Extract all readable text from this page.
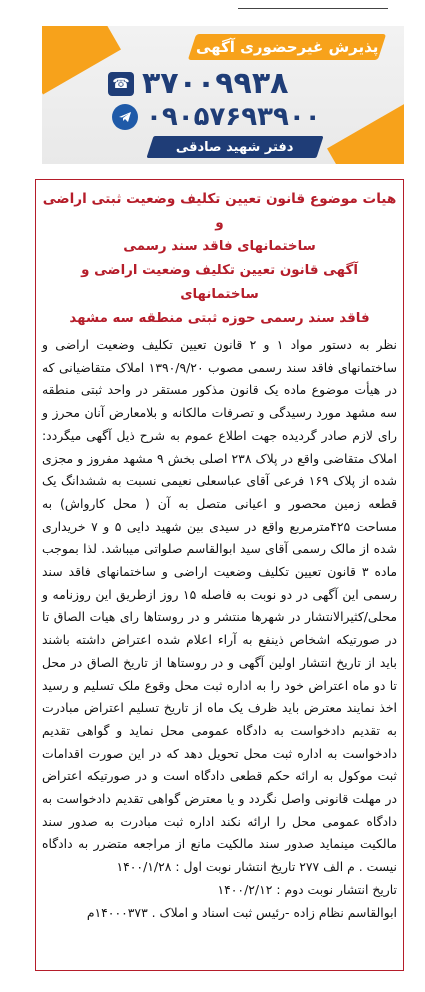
پذیرش غیرحضوری آگهی
☎ ۳۷۰۰۹۹۳۸
۰۹۰۵۷۶۹۳۹۰۰
دفتر شهید صادقی

هیات موضوع قانون تعیین تکلیف وضعیت ثبتی اراضی و

ساختمانهای فاقد سند رسمی

آگهی قانون تعیین تکلیف وضعیت اراضی و ساختمانهای

فاقد سند رسمی حوزه ثبتی منطقه سه مشهد

نظر به دستور مواد ۱ و ۲ قانون تعیین تکلیف وضعیت اراضی و ساختمانهای فاقد سند رسمی مصوب ۱۳۹۰/۹/۲۰ املاک متقاضیانی که در هیأت موضوع ماده یک قانون مذکور مستقر در واحد ثبتی منطقه سه مشهد مورد رسیدگی و تصرفات مالکانه و بلامعارض آنان محرز و رای لازم صادر گردیده جهت اطلاع عموم به شرح ذیل آگهی میگردد: املاک متقاضی واقع در پلاک ۲۳۸ اصلی بخش ۹ مشهد مفروز و مجزی شده از پلاک ۱۶۹ فرعی آقای عباسعلی نعیمی نسبت به ششدانگ یک قطعه زمین محصور و اعیانی متصل به آن ( محل کارواش) به مساحت ۴۲۵مترمربع واقع در سیدی بین شهید دایی ۵ و ۷ خریداری شده از مالک رسمی آقای سید ابوالقاسم صلواتی میباشد. لذا بموجب ماده ۳ قانون تعیین تکلیف وضعیت اراضی و ساختمانهای فاقد سند رسمی این آگهی در دو نوبت به فاصله ۱۵ روز ازطریق این روزنامه و محلی/کثیرالانتشار در شهرها منتشر و در روستاها رای هیات الصاق تا در صورتیکه اشخاص ذینفع به آراء اعلام شده اعتراض داشته باشند باید از تاریخ انتشار اولین آگهی و در روستاها از تاریخ الصاق در محل تا دو ماه اعتراض خود را به اداره ثبت محل وقوع ملک تسلیم و رسید اخذ نمایند معترض باید ظرف یک ماه از تاریخ تسلیم اعتراض مبادرت به تقدیم دادخواست به دادگاه عمومی محل نماید و گواهی تقدیم دادخواست به اداره ثبت محل تحویل دهد که در این صورت اقدامات ثبت موکول به ارائه حکم قطعی دادگاه است و در صورتیکه اعتراض در مهلت قانونی واصل نگردد و یا معترض گواهی تقدیم دادخواست به دادگاه عمومی محل را ارائه نکند اداره ثبت مبادرت به صدور سند مالکیت مینماید صدور سند مالکیت مانع از مراجعه متضرر به دادگاه نیست . م الف ۲۷۷ تاریخ انتشار نوبت اول : ۱۴۰۰/۱/۲۸
تاریخ انتشار نوبت دوم : ۱۴۰۰/۲/۱۲
ابوالقاسم نظام زاده -رئیس ثبت اسناد و املاک . ۱۴۰۰۰۳۷۳م
